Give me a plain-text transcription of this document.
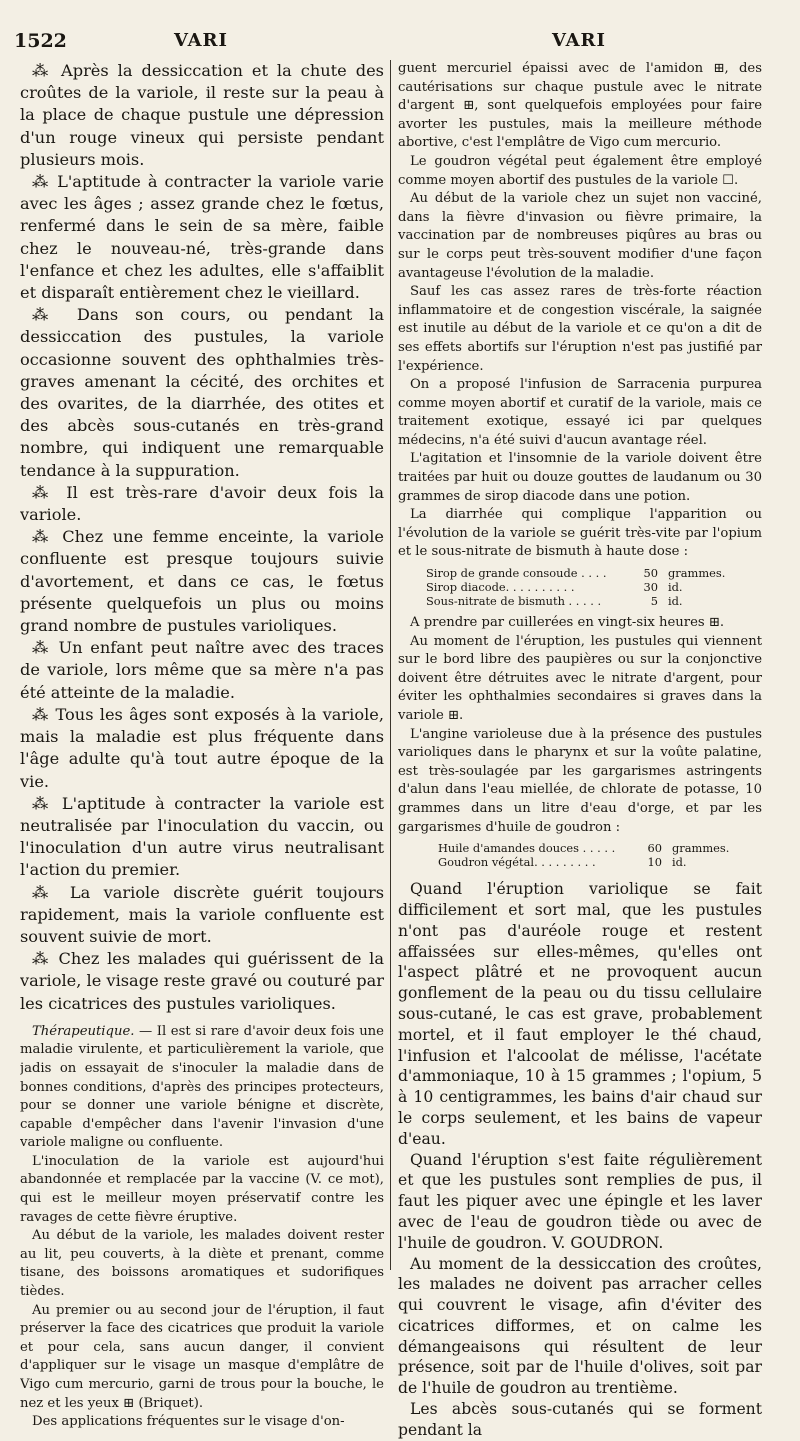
1522	VARI	VARI

⁂ Après la dessiccation et la chute des croûtes de la variole, il reste sur la peau à la place de chaque pustule une dépression d'un rouge vineux qui persiste pendant plusieurs mois.

⁂ L'aptitude à contracter la variole varie avec les âges ; assez grande chez le fœtus, renfermé dans le sein de sa mère, faible chez le nouveau-né, très-grande dans l'enfance et chez les adultes, elle s'affaiblit et disparaît entièrement chez le vieillard.

⁂ Dans son cours, ou pendant la dessiccation des pustules, la variole occasionne souvent des ophthalmies très-graves amenant la cécité, des orchites et des ovarites, de la diarrhée, des otites et des abcès sous-cutanés en très-grand nombre, qui indiquent une remarquable tendance à la suppuration.

⁂ Il est très-rare d'avoir deux fois la variole.

⁂ Chez une femme enceinte, la variole confluente est presque toujours suivie d'avortement, et dans ce cas, le fœtus présente quelquefois un plus ou moins grand nombre de pustules varioliques.

⁂ Un enfant peut naître avec des traces de variole, lors même que sa mère n'a pas été atteinte de la maladie.

⁂ Tous les âges sont exposés à la variole, mais la maladie est plus fréquente dans l'âge adulte qu'à tout autre époque de la vie.

⁂ L'aptitude à contracter la variole est neutralisée par l'inoculation du vaccin, ou l'inoculation d'un autre virus neutralisant l'action du premier.

⁂ La variole discrète guérit toujours rapidement, mais la variole confluente est souvent suivie de mort.

⁂ Chez les malades qui guérissent de la variole, le visage reste gravé ou couturé par les cicatrices des pustules varioliques.

Thérapeutique. — Il est si rare d'avoir deux fois une maladie virulente, et particulièrement la variole, que jadis on essayait de s'inoculer la maladie dans de bonnes conditions, d'après des principes protecteurs, pour se donner une variole bénigne et discrète, capable d'empêcher dans l'avenir l'invasion d'une variole maligne ou confluente.

L'inoculation de la variole est aujourd'hui abandonnée et remplacée par la vaccine (V. ce mot), qui est le meilleur moyen préservatif contre les ravages de cette fièvre éruptive.

Au début de la variole, les malades doivent rester au lit, peu couverts, à la diète et prenant, comme tisane, des boissons aromatiques et sudorifiques tièdes.

Au premier ou au second jour de l'éruption, il faut préserver la face des cicatrices que produit la variole et pour cela, sans aucun danger, il convient d'appliquer sur le visage un masque d'emplâtre de Vigo cum mercurio, garni de trous pour la bouche, le nez et les yeux ⊞ (Briquet).

Des applications fréquentes sur le visage d'on-

guent mercuriel épaissi avec de l'amidon ⊞, des cautérisations sur chaque pustule avec le nitrate d'argent ⊞, sont quelquefois employées pour faire avorter les pustules, mais la meilleure méthode abortive, c'est l'emplâtre de Vigo cum mercurio.

Le goudron végétal peut également être employé comme moyen abortif des pustules de la variole ☐.

Au début de la variole chez un sujet non vacciné, dans la fièvre d'invasion ou fièvre primaire, la vaccination par de nombreuses piqûres au bras ou sur le corps peut très-souvent modifier d'une façon avantageuse l'évolution de la maladie.

Sauf les cas assez rares de très-forte réaction inflammatoire et de congestion viscérale, la saignée est inutile au début de la variole et ce qu'on a dit de ses effets abortifs sur l'éruption n'est pas justifié par l'expérience.

On a proposé l'infusion de Sarracenia purpurea comme moyen abortif et curatif de la variole, mais ce traitement exotique, essayé ici par quelques médecins, n'a été suivi d'aucun avantage réel.

L'agitation et l'insomnie de la variole doivent être traitées par huit ou douze gouttes de laudanum ou 30 grammes de sirop diacode dans une potion.

La diarrhée qui complique l'apparition ou l'évolution de la variole se guérit très-vite par l'opium et le sous-nitrate de bismuth à haute dose :

Sirop de grande consoude . . . .	50 grammes.
Sirop diacode. . . . . . . . . .	30 id.
Sous-nitrate de bismuth . . . . .	5 id.

A prendre par cuillerées en vingt-six heures ⊞.

Au moment de l'éruption, les pustules qui viennent sur le bord libre des paupières ou sur la conjonctive doivent être détruites avec le nitrate d'argent, pour éviter les ophthalmies secondaires si graves dans la variole ⊞.

L'angine varioleuse due à la présence des pustules varioliques dans le pharynx et sur la voûte palatine, est très-soulagée par les gargarismes astringents d'alun dans l'eau miellée, de chlorate de potasse, 10 grammes dans un litre d'eau d'orge, et par les gargarismes d'huile de goudron :

Huile d'amandes douces . . . . .	60 grammes.
Goudron végétal. . . . . . . . .	10 id.

Quand l'éruption variolique se fait difficilement et sort mal, que les pustules n'ont pas d'auréole rouge et restent affaissées sur elles-mêmes, qu'elles ont l'aspect plâtré et ne provoquent aucun gonflement de la peau ou du tissu cellulaire sous-cutané, le cas est grave, probablement mortel, et il faut employer le thé chaud, l'infusion et l'alcoolat de mélisse, l'acétate d'ammoniaque, 10 à 15 grammes ; l'opium, 5 à 10 centigrammes, les bains d'air chaud sur le corps seulement, et les bains de vapeur d'eau.

Quand l'éruption s'est faite régulièrement et que les pustules sont remplies de pus, il faut les piquer avec une épingle et les laver avec de l'eau de goudron tiède ou avec de l'huile de goudron. V. GOUDRON.

Au moment de la dessiccation des croûtes, les malades ne doivent pas arracher celles qui couvrent le visage, afin d'éviter des cicatrices difformes, et on calme les démangeaisons qui résultent de leur présence, soit par de l'huile d'olives, soit par de l'huile de goudron au trentième.

Les abcès sous-cutanés qui se forment pendant la
